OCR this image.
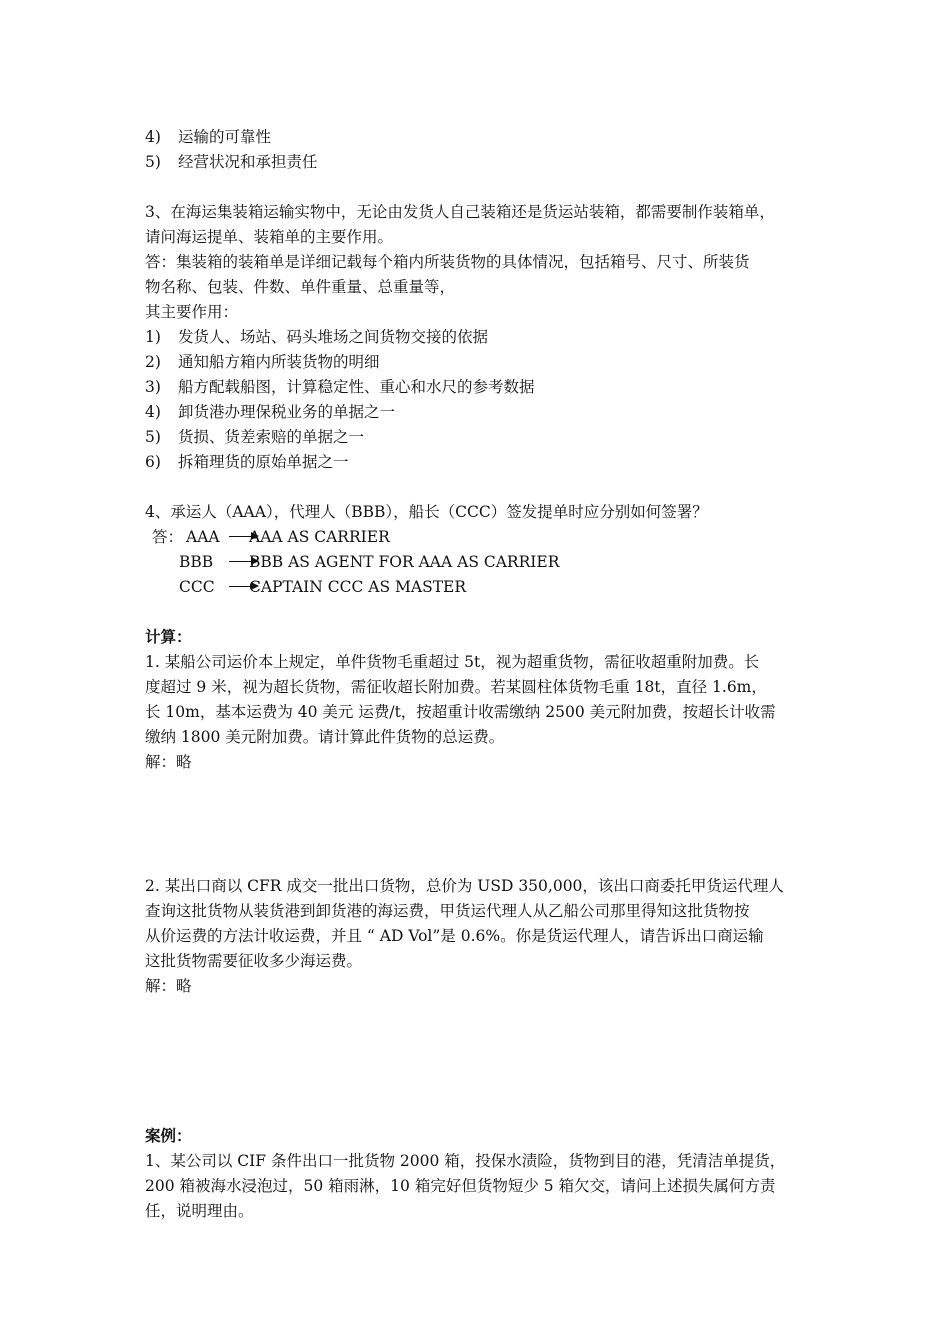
4) 运输的可靠性
5) 经营状况和承担责任
3、在海运集装箱运输实物中，无论由发货人自己装箱还是货运站装箱，都需要制作装箱单，
请问海运提单、装箱单的主要作用。
答：集装箱的装箱单是详细记载每个箱内所装货物的具体情况，包括箱号、尺寸、所装货
物名称、包装、件数、单件重量、总重量等，
其主要作用：
1) 发货人、场站、码头堆场之间货物交接的依据
2) 通知船方箱内所装货物的明细
3) 船方配载船图，计算稳定性、重心和水尺的参考数据
4) 卸货港办理保税业务的单据之一
5) 货损、货差索赔的单据之一
6) 拆箱理货的原始单据之一
4、承运人（AAA），代理人（BBB），船长（CCC）签发提单时应分别如何签署？
答： AAA AAA AS CARRIER
BBB BBB AS AGENT FOR AAA AS CARRIER
CCC CAPTAIN CCC AS MASTER
计算：
1. 某船公司运价本上规定，单件货物毛重超过 5t，视为超重货物，需征收超重附加费。长
度超过 9 米，视为超长货物，需征收超长附加费。若某圆柱体货物毛重 18t，直径 1.6m，
长 10m，基本运费为 40 美元 运费/t，按超重计收需缴纳 2500 美元附加费，按超长计收需
缴纳 1800 美元附加费。请计算此件货物的总运费。
解：略
2. 某出口商以 CFR 成交一批出口货物，总价为 USD 350,000，该出口商委托甲货运代理人
查询这批货物从装货港到卸货港的海运费，甲货运代理人从乙船公司那里得知这批货物按
从价运费的方法计收运费，并且 “ AD Vol”是 0.6%。你是货运代理人，请告诉出口商运输
这批货物需要征收多少海运费。
解：略
案例：
1、某公司以 CIF 条件出口一批货物 2000 箱，投保水渍险，货物到目的港，凭清洁单提货，
200 箱被海水浸泡过，50 箱雨淋，10 箱完好但货物短少 5 箱欠交，请问上述损失属何方责
任，说明理由。
